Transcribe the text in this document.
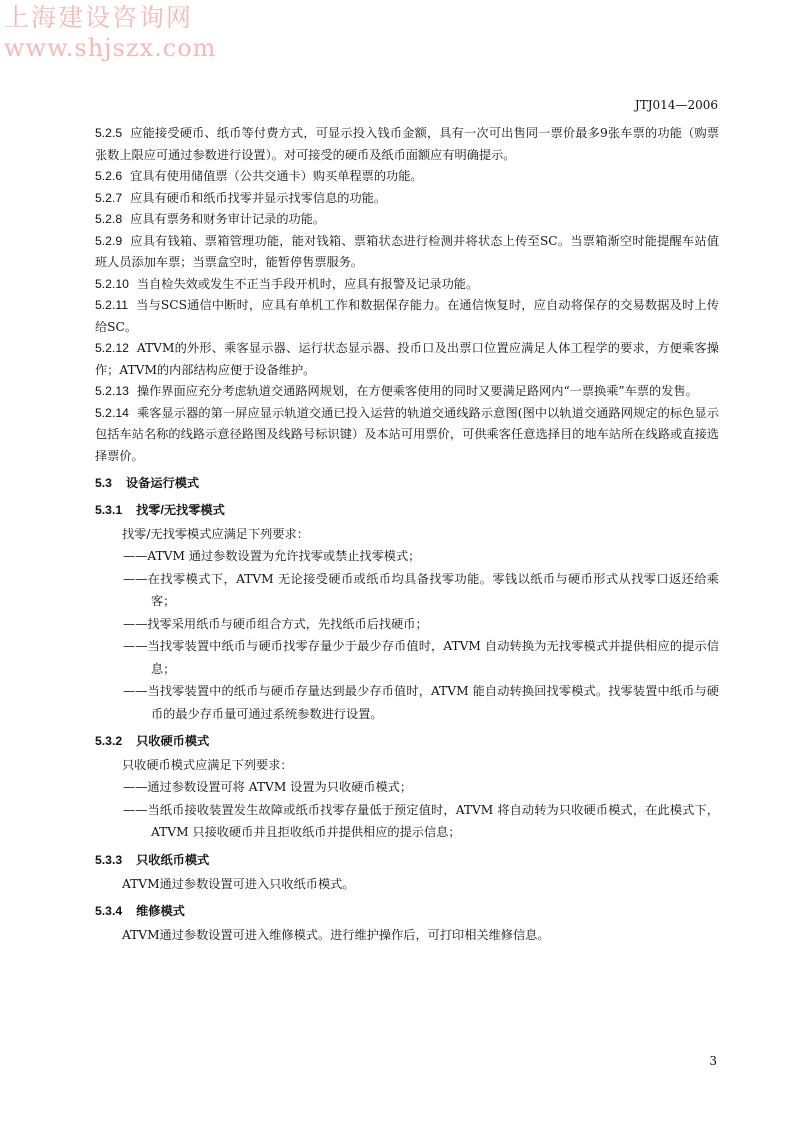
上海建设咨询网
www.shjszx.com
JTJ014—2006

5.2.5 应能接受硬币、纸币等付费方式，可显示投入钱币金额，具有一次可出售同一票价最多9张车票的功能（购票张数上限应可通过参数进行设置）。对可接受的硬币及纸币面额应有明确提示。

5.2.6 宜具有使用储值票（公共交通卡）购买单程票的功能。

5.2.7 应具有硬币和纸币找零并显示找零信息的功能。

5.2.8 应具有票务和财务审计记录的功能。

5.2.9 应具有钱箱、票箱管理功能，能对钱箱、票箱状态进行检测并将状态上传至SC。当票箱渐空时能提醒车站值班人员添加车票；当票盒空时，能暂停售票服务。

5.2.10 当自检失效或发生不正当手段开机时，应具有报警及记录功能。

5.2.11 当与SCS通信中断时，应具有单机工作和数据保存能力。在通信恢复时，应自动将保存的交易数据及时上传给SC。

5.2.12 ATVM的外形、乘客显示器、运行状态显示器、投币口及出票口位置应满足人体工程学的要求，方便乘客操作；ATVM的内部结构应便于设备维护。

5.2.13 操作界面应充分考虑轨道交通路网规划，在方便乘客使用的同时又要满足路网内“一票换乘”车票的发售。

5.2.14 乘客显示器的第一屏应显示轨道交通已投入运营的轨道交通线路示意图(图中以轨道交通路网规定的标色显示包括车站名称的线路示意径路图及线路号标识键）及本站可用票价，可供乘客任意选择目的地车站所在线路或直接选择票价。

5.3 设备运行模式
5.3.1 找零/无找零模式
找零/无找零模式应满足下列要求：
——ATVM 通过参数设置为允许找零或禁止找零模式；
——在找零模式下，ATVM 无论接受硬币或纸币均具备找零功能。零钱以纸币与硬币形式从找零口返还给乘客；
——找零采用纸币与硬币组合方式，先找纸币后找硬币；
——当找零装置中纸币与硬币找零存量少于最少存币值时，ATVM 自动转换为无找零模式并提供相应的提示信息；
——当找零装置中的纸币与硬币存量达到最少存币值时，ATVM 能自动转换回找零模式。找零装置中纸币与硬币的最少存币量可通过系统参数进行设置。
5.3.2 只收硬币模式
只收硬币模式应满足下列要求：
——通过参数设置可将 ATVM 设置为只收硬币模式；
——当纸币接收装置发生故障或纸币找零存量低于预定值时，ATVM 将自动转为只收硬币模式，在此模式下，ATVM 只接收硬币并且拒收纸币并提供相应的提示信息；
5.3.3 只收纸币模式
ATVM通过参数设置可进入只收纸币模式。
5.3.4 维修模式
ATVM通过参数设置可进入维修模式。进行维护操作后，可打印相关维修信息。
3
